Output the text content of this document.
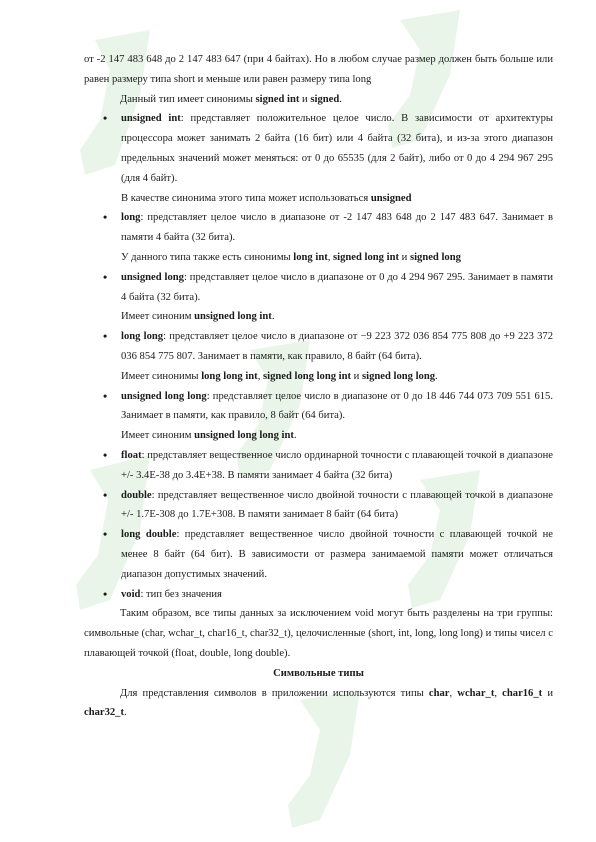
от -2 147 483 648 до 2 147 483 647 (при 4 байтах). Но в любом случае размер должен быть больше или равен размеру типа short и меньше или равен размеру типа long

Данный тип имеет синонимы signed int и signed.

• unsigned int: представляет положительное целое число. В зависимости от архитектуры процессора может занимать 2 байта (16 бит) или 4 байта (32 бита), и из-за этого диапазон предельных значений может меняться: от 0 до 65535 (для 2 байт), либо от 0 до 4 294 967 295 (для 4 байт).

В качестве синонима этого типа может использоваться unsigned

• long: представляет целое число в диапазоне от -2 147 483 648 до 2 147 483 647. Занимает в памяти 4 байта (32 бита).

У данного типа также есть синонимы long int, signed long int и signed long

• unsigned long: представляет целое число в диапазоне от 0 до 4 294 967 295. Занимает в памяти 4 байта (32 бита).

Имеет синоним unsigned long int.

• long long: представляет целое число в диапазоне от −9 223 372 036 854 775 808 до +9 223 372 036 854 775 807. Занимает в памяти, как правило, 8 байт (64 бита).

Имеет синонимы long long int, signed long long int и signed long long.

• unsigned long long: представляет целое число в диапазоне от 0 до 18 446 744 073 709 551 615. Занимает в памяти, как правило, 8 байт (64 бита).

Имеет синоним unsigned long long int.

• float: представляет вещественное число ординарной точности с плавающей точкой в диапазоне +/- 3.4E-38 до 3.4E+38. В памяти занимает 4 байта (32 бита)

• double: представляет вещественное число двойной точности с плавающей точкой в диапазоне +/- 1.7E-308 до 1.7E+308. В памяти занимает 8 байт (64 бита)

• long double: представляет вещественное число двойной точности с плавающей точкой не менее 8 байт (64 бит). В зависимости от размера занимаемой памяти может отличаться диапазон допустимых значений.

• void: тип без значения

Таким образом, все типы данных за исключением void могут быть разделены на три группы: символьные (char, wchar_t, char16_t, char32_t), целочисленные (short, int, long, long long) и типы чисел с плавающей точкой (float, double, long double).

Символьные типы

Для представления символов в приложении используются типы char, wchar_t, char16_t и char32_t.
